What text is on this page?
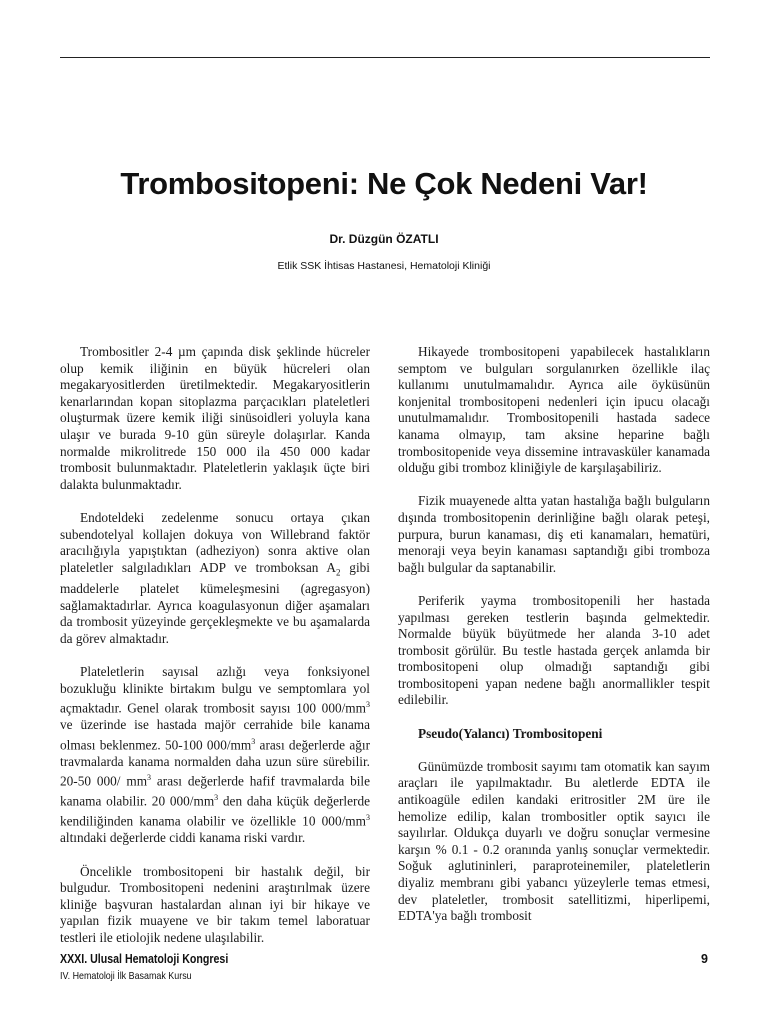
Trombositopeni: Ne Çok Nedeni Var!
Dr. Düzgün ÖZATLI
Etlik SSK İhtisas Hastanesi, Hematoloji Kliniği

Trombositler 2-4 µm çapında disk şeklinde hücreler olup kemik iliğinin en büyük hücreleri olan megakaryositlerden üretilmektedir. Megakaryositlerin kenarlarından kopan sitoplazma parçacıkları plateletleri oluşturmak üzere kemik iliği sinüsoidleri yoluyla kana ulaşır ve burada 9-10 gün süreyle dolaşırlar. Kanda normalde mikrolitrede 150 000 ila 450 000 kadar trombosit bulunmaktadır. Plateletlerin yaklaşık üçte biri dalakta bulunmaktadır.

Endoteldeki zedelenme sonucu ortaya çıkan subendotelyal kollajen dokuya von Willebrand faktör aracılığıyla yapıştıktan (adheziyon) sonra aktive olan plateletler salgıladıkları ADP ve tromboksan $A_2$ gibi maddelerle platelet kümeleşmesini (agregasyon) sağlamaktadırlar. Ayrıca koagulasyonun diğer aşamaları da trombosit yüzeyinde gerçekleşmekte ve bu aşamalarda da görev almaktadır.

Plateletlerin sayısal azlığı veya fonksiyonel bozukluğu klinikte birtakım bulgu ve semptomlara yol açmaktadır. Genel olarak trombosit sayısı 100 $000/mm^3$ ve üzerinde ise hastada majör cerrahide bile kanama olması beklenmez. 50-100 $000/mm^3$ arası değerlerde ağır travmalarda kanama normalden daha uzun süre sürebilir. 20-50 000/ $mm^3$ arası değerlerde hafif travmalarda bile kanama olabilir. 20 $000/mm^3$ den daha küçük değerlerde kendiliğinden kanama olabilir ve özellikle 10 $000/mm^3$ altındaki değerlerde ciddi kanama riski vardır.

Öncelikle trombositopeni bir hastalık değil, bir bulgudur. Trombositopeni nedenini araştırılmak üzere kliniğe başvuran hastalardan alınan iyi bir hikaye ve yapılan fizik muayene ve bir takım temel laboratuar testleri ile etiolojik nedene ulaşılabilir.

Hikayede trombositopeni yapabilecek hastalıkların semptom ve bulguları sorgulanırken özellikle ilaç kullanımı unutulmamalıdır. Ayrıca aile öyküsünün konjenital trombositopeni nedenleri için ipucu olacağı unutulmamalıdır. Trombositopenili hastada sadece kanama olmayıp, tam aksine heparine bağlı trombositopenide veya dissemine intravasküler kanamada olduğu gibi tromboz kliniğiyle de karşılaşabiliriz.

Fizik muayenede altta yatan hastalığa bağlı bulguların dışında trombositopenin derinliğine bağlı olarak peteşi, purpura, burun kanaması, diş eti kanamaları, hematüri, menoraji veya beyin kanaması saptandığı gibi tromboza bağlı bulgular da saptanabilir.

Periferik yayma trombositopenili her hastada yapılması gereken testlerin başında gelmektedir. Normalde büyük büyütmede her alanda 3-10 adet trombosit görülür. Bu testle hastada gerçek anlamda bir trombositopeni olup olmadığı saptandığı gibi trombositopeni yapan nedene bağlı anormallikler tespit edilebilir.

Pseudo(Yalancı) Trombositopeni

Günümüzde trombosit sayımı tam otomatik kan sayım araçları ile yapılmaktadır. Bu aletlerde EDTA ile antikoagüle edilen kandaki eritrositler 2M üre ile hemolize edilip, kalan trombositler optik sayıcı ile sayılırlar. Oldukça duyarlı ve doğru sonuçlar vermesine karşın % 0.1 - 0.2 oranında yanlış sonuçlar vermektedir. Soğuk aglutininleri, paraproteinemiler, plateletlerin diyaliz membranı gibi yabancı yüzeylerle temas etmesi, dev plateletler, trombosit satellitizmi, hiperlipemi, EDTA'ya bağlı trombosit

XXXI. Ulusal Hematoloji Kongresi
IV. Hematoloji İlk Basamak Kursu
9
